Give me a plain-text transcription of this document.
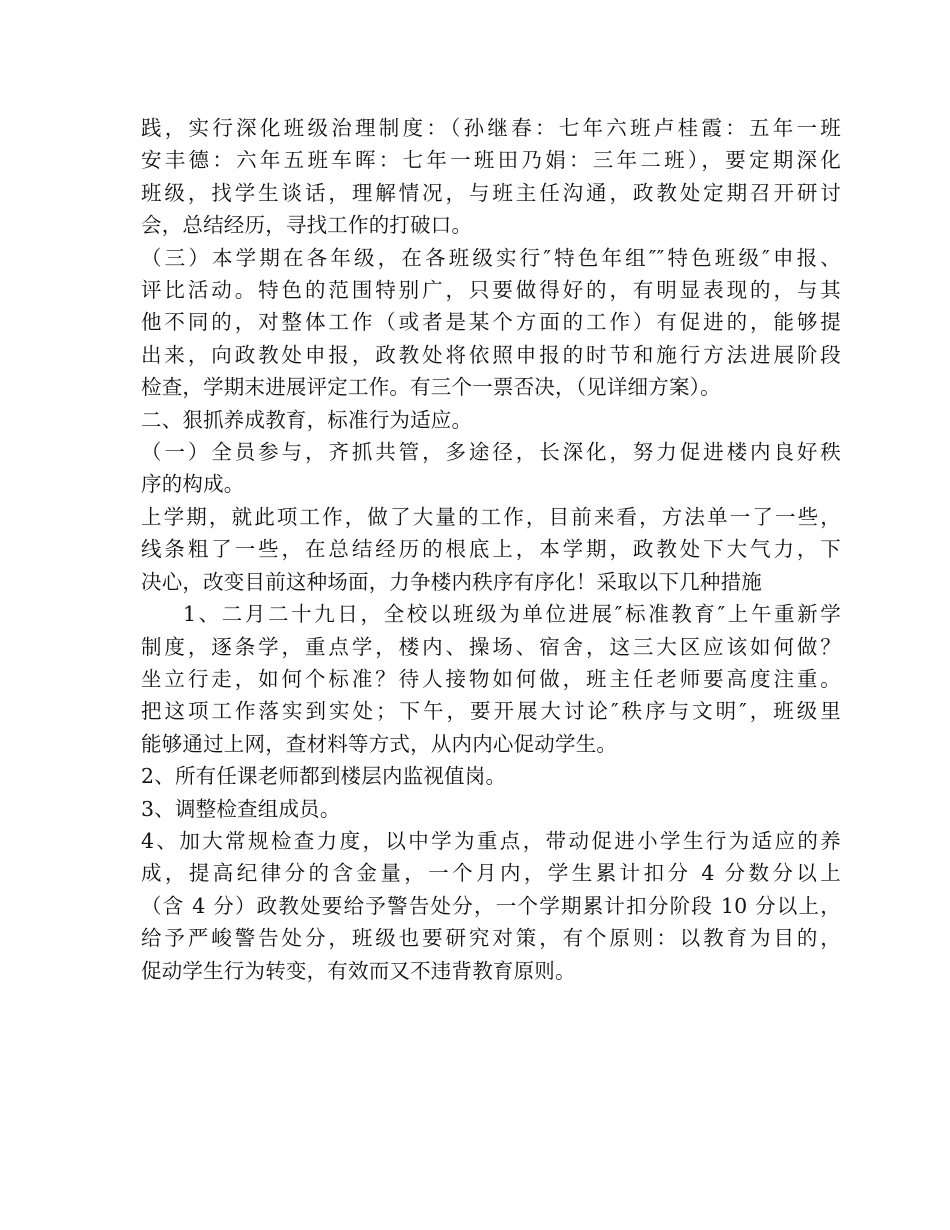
践，实行深化班级治理制度：（孙继春：七年六班卢桂霞：五年一班
安丰德：六年五班车晖：七年一班田乃娟：三年二班），要定期深化
班级，找学生谈话，理解情况，与班主任沟通，政教处定期召开研讨
会，总结经历，寻找工作的打破口。

（三）本学期在各年级，在各班级实行″特色年组″″特色班级″申报、
评比活动。特色的范围特别广，只要做得好的，有明显表现的，与其
他不同的，对整体工作（或者是某个方面的工作）有促进的，能够提
出来，向政教处申报，政教处将依照申报的时节和施行方法进展阶段
检查，学期末进展评定工作。有三个一票否决，（见详细方案）。

二、狠抓养成教育，标准行为适应。

（一）全员参与，齐抓共管，多途径，长深化，努力促进楼内良好秩
序的构成。

上学期，就此项工作，做了大量的工作，目前来看，方法单一了一些，
线条粗了一些，在总结经历的根底上，本学期，政教处下大气力，下
决心，改变目前这种场面，力争楼内秩序有序化！采取以下几种措施

1、二月二十九日，全校以班级为单位进展″标准教育″上午重新学
制度，逐条学，重点学，楼内、操场、宿舍，这三大区应该如何做？
坐立行走，如何个标准？待人接物如何做，班主任老师要高度注重。
把这项工作落实到实处；下午，要开展大讨论″秩序与文明″，班级里
能够通过上网，查材料等方式，从内内心促动学生。

2、所有任课老师都到楼层内监视值岗。

3、调整检查组成员。

4、加大常规检查力度，以中学为重点，带动促进小学生行为适应的养
成，提高纪律分的含金量，一个月内，学生累计扣分 4 分数分以上
（含 4 分）政教处要给予警告处分，一个学期累计扣分阶段 10 分以上，
给予严峻警告处分，班级也要研究对策，有个原则：以教育为目的，
促动学生行为转变，有效而又不违背教育原则。
